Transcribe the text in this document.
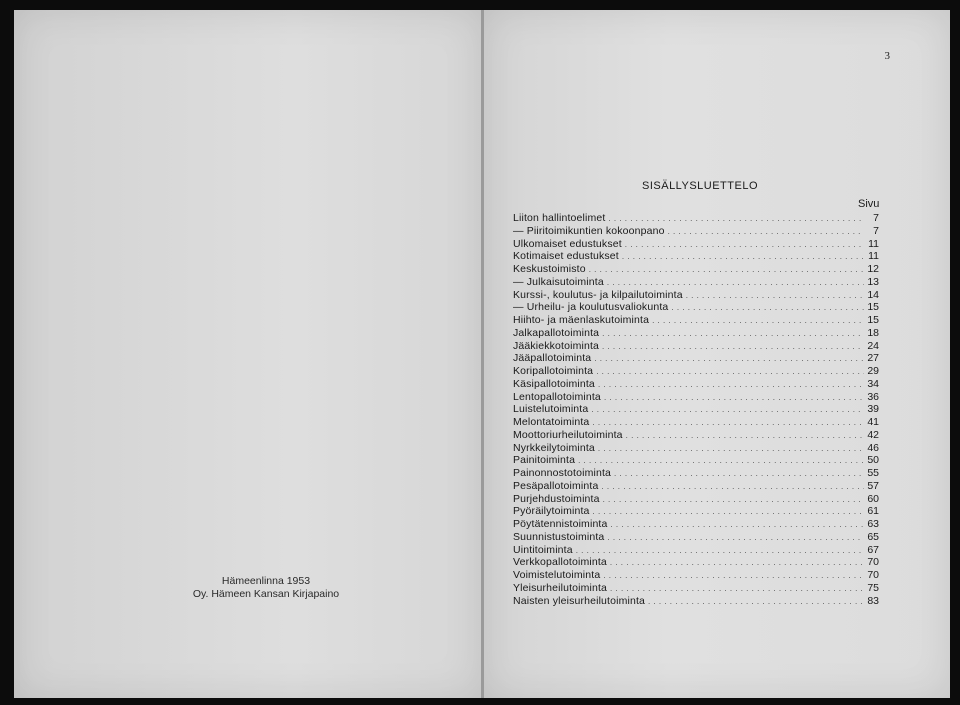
Hämeenlinna 1953
Oy. Hämeen Kansan Kirjapaino
3
SISÄLLYSLUETTELO
Sivu
Liiton hallintoelimet . . .	7
— Piiritoimikuntien kokoonpano . . .	7
Ulkomaiset edustukset . . .	11
Kotimaiset edustukset . . .	11
Keskustoimisto . . .	12
— Julkaisutoiminta . . .	13
Kurssi-, koulutus- ja kilpailutoiminta . . .	14
— Urheilu- ja koulutusvaliokunta . . .	15
Hiihto- ja mäenlaskutoiminta . . .	15
Jalkapallotoiminta . . .	18
Jääkiekkotoiminta . . .	24
Jääpallotoiminta . . .	27
Koripallotoiminta . . .	29
Käsipallotoiminta . . .	34
Lentopallotoiminta . . .	36
Luistelutoiminta . . .	39
Melontatoiminta . . .	41
Moottoriurheilutoiminta . . .	42
Nyrkkeilytoiminta . . .	46
Painitoiminta . . .	50
Painonnostotoiminta . . .	55
Pesäpallotoiminta . . .	57
Purjehdustoiminta . . .	60
Pyöräilytoiminta . . .	61
Pöytätennistoiminta . . .	63
Suunnistustoiminta . . .	65
Uintitoiminta . . .	67
Verkkopallotoiminta . . .	70
Voimistelutoiminta . . .	70
Yleisurheilutoiminta . . .	75
Naisten yleisurheilutoiminta . . .	83
